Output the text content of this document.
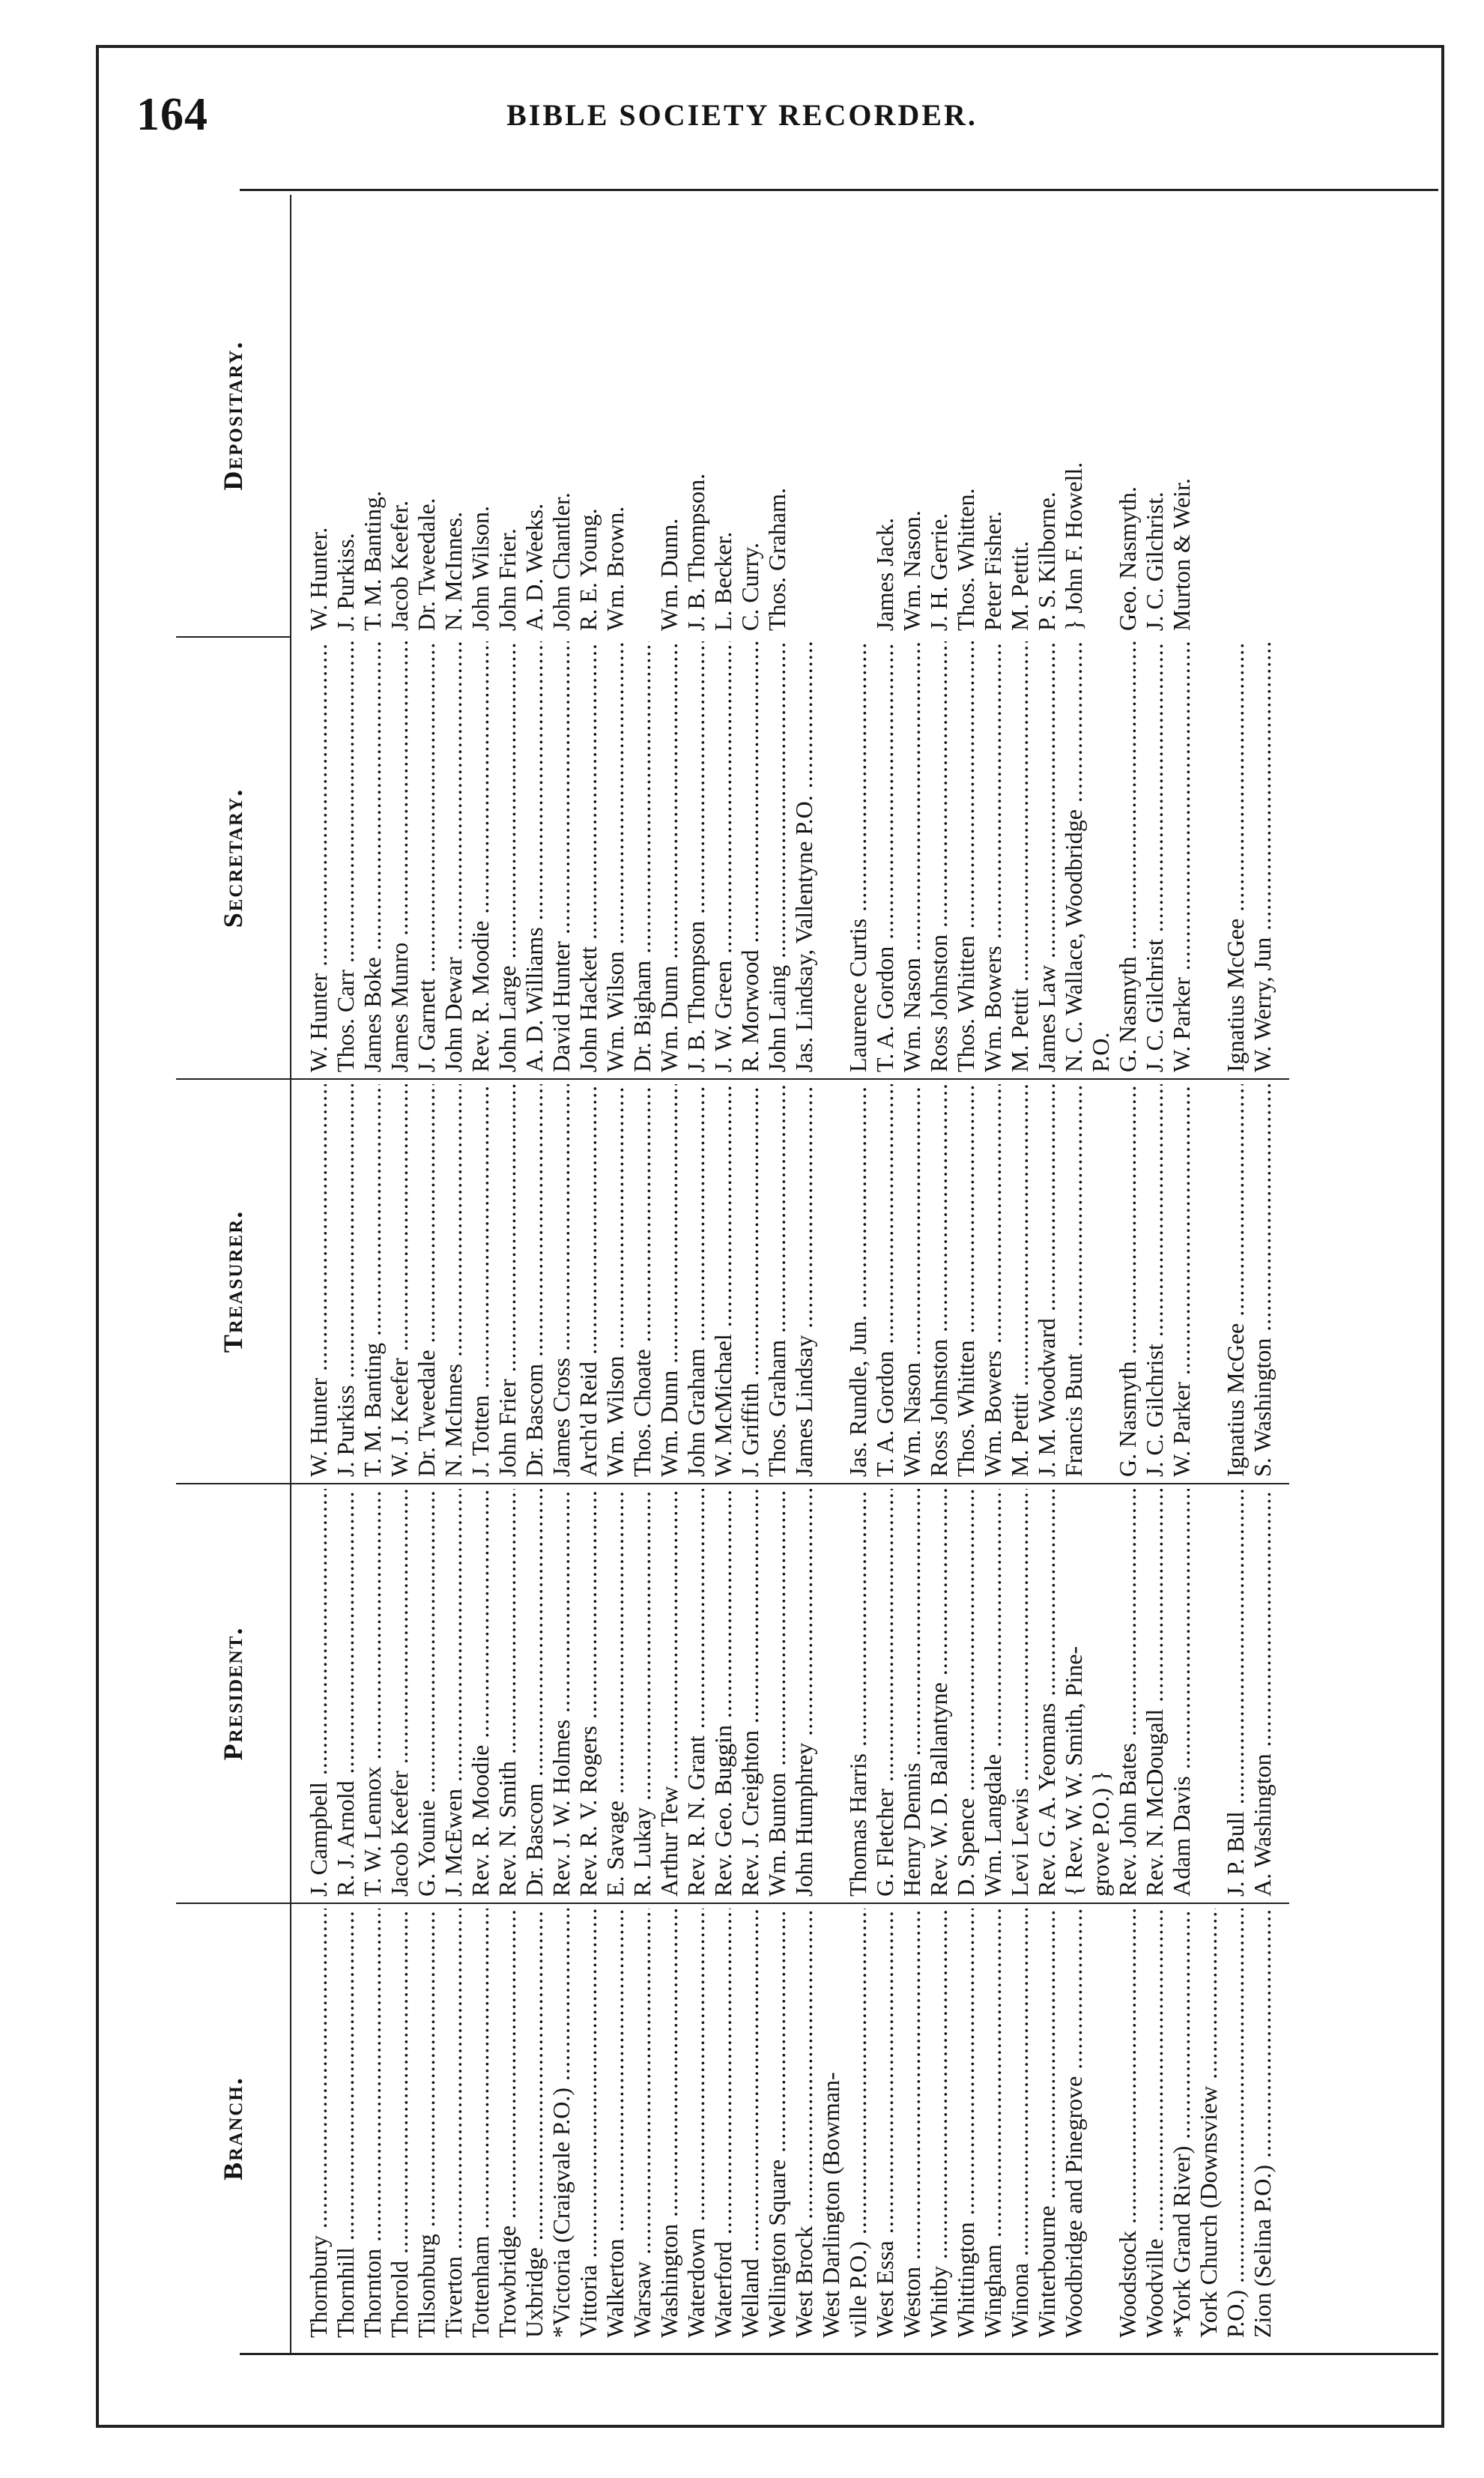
164	BIBLE SOCIETY RECORDER.
Branch.	President.	Treasurer.	Secretary.	Depositary.

Thornbury .....	J. Campbell .....	W. Hunter .....	W. Hunter .....	W. Hunter.

Thornhill .....	R. J. Arnold .....	J. Purkiss .....	Thos. Carr .....	J. Purkiss.

Thornton .....	T. W. Lennox .....	T. M. Banting .....	James Boke .....	T. M. Banting.

Thorold .....	Jacob Keefer .....	W. J. Keefer .....	James Munro .....	Jacob Keefer.

Tilsonburg .....	G. Younie .....	Dr. Tweedale .....	J. Garnett .....	Dr. Tweedale.

Tiverton .....	J. McEwen .....	N. McInnes .....	John Dewar .....	N. McInnes.

Tottenham .....	Rev. R. Moodie .....	J. Totten .....	Rev. R. Moodie .....	John Wilson.

Trowbridge .....	Rev. N. Smith .....	John Frier .....	John Large .....	John Frier.

Uxbridge .....	Dr. Bascom .....	Dr. Bascom .....	A. D. Williams .....	A. D. Weeks.

*Victoria (Craigvale P.O.) .....	Rev. J. W. Holmes .....	James Cross .....	David Hunter .....	John Chantler.

Vittoria .....	Rev. R. V. Rogers .....	Arch'd Reid .....	John Hackett .....	R. E. Young.

Walkerton .....	E. Savage .....	Wm. Wilson .....	Wm. Wilson .....	Wm. Brown.

Warsaw .....	R. Lukay .....	Thos. Choate .....	Dr. Bigham .....

Washington .....	Arthur Tew .....	Wm. Dunn .....	Wm. Dunn .....	Wm. Dunn.

Waterdown .....	Rev. R. N. Grant .....	John Graham .....	J. B. Thompson .....	J. B. Thompson.

Waterford .....	Rev. Geo. Buggin .....	W. McMichael .....	J. W. Green .....	L. Becker.

Welland .....	Rev. J. Creighton .....	J. Griffith .....	R. Morwood .....	C. Curry.

Wellington Square .....	Wm. Bunton .....	Thos. Graham .....	John Laing .....	Thos. Graham.

West Brock .....	John Humphrey .....	James Lindsay .....	Jas. Lindsay, Vallentyne P.O. .....

West Darlington (Bowman-				

ville P.O.) .....	Thomas Harris .....	Jas. Rundle, Jun. .....	Laurence Curtis .....

West Essa .....	G. Fletcher .....	T. A. Gordon .....	T. A. Gordon .....	James Jack.

Weston .....	Henry Dennis .....	Wm. Nason .....	Wm. Nason .....	Wm. Nason.

Whitby .....	Rev. W. D. Ballantyne .....	Ross Johnston .....	Ross Johnston .....	J. H. Gerrie.

Whittington .....	D. Spence .....	Thos. Whitten .....	Thos. Whitten .....	Thos. Whitten.

Wingham .....	Wm. Langdale .....	Wm. Bowers .....	Wm. Bowers .....	Peter Fisher.

Winona .....	Levi Lewis .....	M. Pettit .....	M. Pettit .....	M. Pettit.

Winterbourne .....	Rev. G. A. Yeomans .....	J. M. Woodward .....	James Law .....	P. S. Kilborne.

Woodbridge and Pinegrove .....	{ Rev. W. W. Smith, Pine-	Francis Bunt .....	N. C. Wallace, Woodbridge .....	} John F. Howell.

	grove P.O.) }		P.O.	

Woodstock .....	Rev. John Bates .....	G. Nasmyth .....	G. Nasmyth .....	Geo. Nasmyth.

Woodville .....	Rev. N. McDougall .....	J. C. Gilchrist .....	J. C. Gilchrist .....	J. C. Gilchrist.

*York Grand River) .....	Adam Davis .....	W. Parker .....	W. Parker .....	Murton & Weir.

York Church (Downsview .....

P.O.) .....	J. P. Bull .....	Ignatius McGee .....	Ignatius McGee .....

Zion (Selina P.O.) .....	A. Washington .....	S. Washington .....	W. Werry, Jun .....
